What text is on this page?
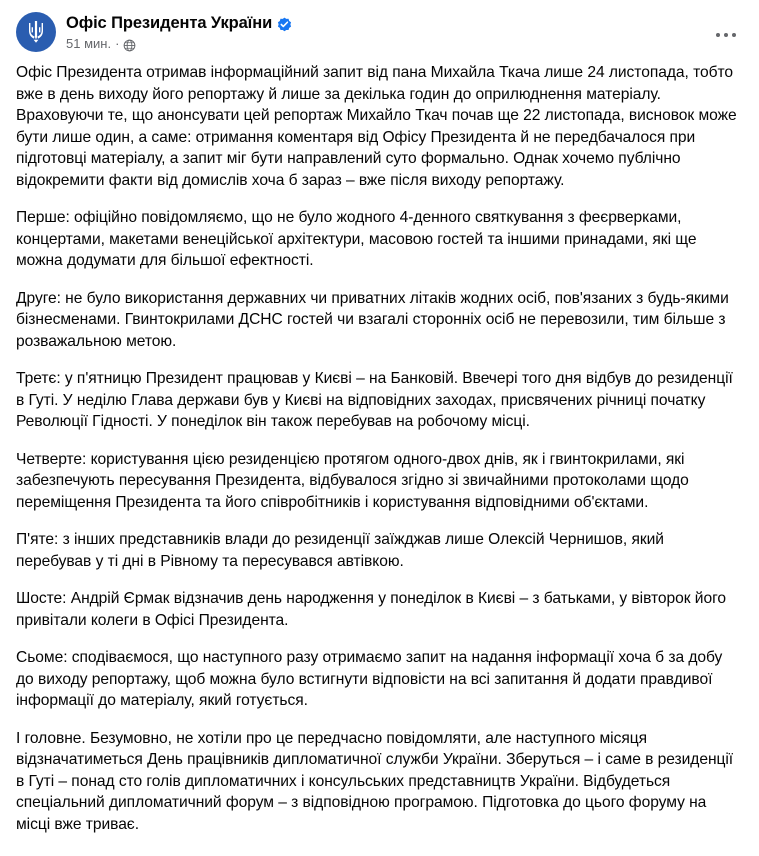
Офіс Президента України
51 мин. ·

Офіс Президента отримав інформаційний запит від пана Михайла Ткача лише 24 листопада, тобто вже в день виходу його репортажу й лише за декілька годин до оприлюднення матеріалу. Враховуючи те, що анонсувати цей репортаж Михайло Ткач почав ще 22 листопада, висновок може бути лише один, а саме: отримання коментаря від Офісу Президента й не передбачалося при підготовці матеріалу, а запит міг бути направлений суто формально. Однак хочемо публічно відокремити факти від домислів хоча б зараз – вже після виходу репортажу.

Перше: офіційно повідомляємо, що не було жодного 4-денного святкування з феєрверками, концертами, макетами венеційської архітектури, масовою гостей та іншими принадами, які ще можна додумати для більшої ефектності.

Друге: не було використання державних чи приватних літаків жодних осіб, пов'язаних з будь-якими бізнесменами. Гвинтокрилами ДСНС гостей чи взагалі сторонніх осіб не перевозили, тим більше з розважальною метою.

Третє: у п'ятницю Президент працював у Києві – на Банковій. Ввечері того дня відбув до резиденції в Гуті. У неділю Глава держави був у Києві на відповідних заходах, присвячених річниці початку Революції Гідності. У понеділок він також перебував на робочому місці.

Четверте: користування цією резиденцією протягом одного-двох днів, як і гвинтокрилами, які забезпечують пересування Президента, відбувалося згідно зі звичайними протоколами щодо переміщення Президента та його співробітників і користування відповідними об'єктами.

П'яте: з інших представників влади до резиденції заїжджав лише Олексій Чернишов, який перебував у ті дні в Рівному та пересувався автівкою.

Шосте: Андрій Єрмак відзначив день народження у понеділок в Києві – з батьками, у вівторок його привітали колеги в Офісі Президента.

Сьоме: сподіваємося, що наступного разу отримаємо запит на надання інформації хоча б за добу до виходу репортажу, щоб можна було встигнути відповісти на всі запитання й додати правдивої інформації до матеріалу, який готується.

І головне. Безумовно, не хотіли про це передчасно повідомляти, але наступного місяця відзначатиметься День працівників дипломатичної служби України. Зберуться – і саме в резиденції в Гуті – понад сто голів дипломатичних і консульських представництв України. Відбудеться спеціальний дипломатичний форум – з відповідною програмою. Підготовка до цього форуму на місці вже триває.
